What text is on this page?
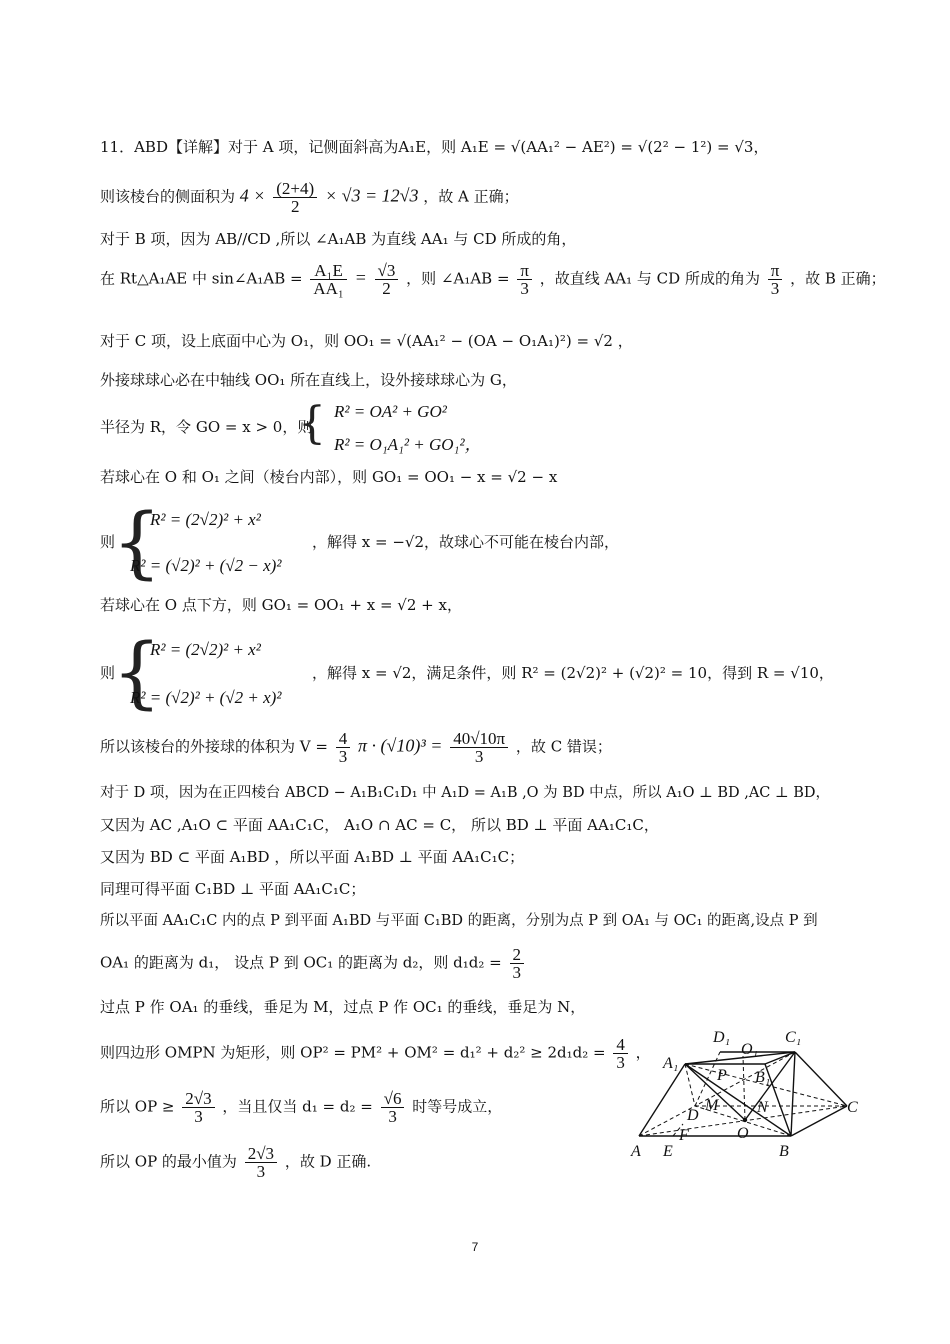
11．ABD【详解】对于 A 项，记侧面斜高为A₁E，则 A₁E = √(AA₁² − AE²) = √(2² − 1²) = √3，
则该棱台的侧面积为 $4 \times \frac{(2+4)}{2} \times √3 = 12√3$ ，故 A 正确；
对于 B 项，因为 AB//CD ,所以 ∠A₁AB 为直线 AA₁ 与 CD 所成的角，
在 Rt△A₁AE 中 sin∠A₁AB = $\frac{\text{A₁E}}{\text{AA₁}} = \frac{√3}{2}$ ，则 ∠A₁AB = $\frac{\pi}{3}$ ，故直线 AA₁ 与 CD 所成的角为 $\frac{\pi}{3}$ ，故 B 正确；
对于 C 项，设上底面中心为 O₁，则 OO₁ = √(AA₁² − (OA − O₁A₁)²) = √2 ，
外接球球心必在中轴线 OO₁ 所在直线上，设外接球球心为 G，
半径为 R，令 GO = x > 0，则
{ R² = OA² + GO²
R² = O₁A₁² + GO₁²，
若球心在 O 和 O₁ 之间（棱台内部），则 GO₁ = OO₁ − x = √2 − x
则
{
R² = (2√2)² + x²
R² = (√2)² + (√2 − x)²
，解得 x = −√2，故球心不可能在棱台内部，
若球心在 O 点下方，则 GO₁ = OO₁ + x = √2 + x，
则
{
R² = (2√2)² + x²
R² = (√2)² + (√2 + x)²
，解得 x = √2，满足条件，则 R² = (2√2)² + (√2)² = 10，得到 R = √10，
所以该棱台的外接球的体积为 $V = \frac{4}{3}$ $\pi \cdot (√10)^3 = \frac{40√10\pi}{3}$ ，故 C 错误；
对于 D 项，因为在正四棱台 ABCD − A₁B₁C₁D₁ 中 A₁D = A₁B ,O 为 BD 中点，所以 A₁O ⊥ BD ,AC ⊥ BD，
又因为 AC ,A₁O ⊂ 平面 AA₁C₁C， A₁O ∩ AC = C， 所以 BD ⊥ 平面 AA₁C₁C，
又因为 BD ⊂ 平面 A₁BD ，所以平面 A₁BD ⊥ 平面 AA₁C₁C；
同理可得平面 C₁BD ⊥ 平面 AA₁C₁C；
所以平面 AA₁C₁C 内的点 P 到平面 A₁BD 与平面 C₁BD 的距离，分别为点 P 到 OA₁ 与 OC₁ 的距离,设点 P 到
OA₁ 的距离为 d₁， 设点 P 到 OC₁ 的距离为 d₂，则 $d_1d_2 = \frac{2}{3}$
过点 P 作 OA₁ 的垂线，垂足为 M，过点 P 作 OC₁ 的垂线，垂足为 N，
则四边形 OMPN 为矩形，则 $OP^2 = PM^2 + OM^2 = d_1^2 + d_2^2 \ge 2d_1d_2 = \frac{4}{3}$ ，
所以 OP ≥ $\frac{2√3}{3}$ ，当且仅当 $d_1 = d_2 = \frac{√6}{3}$ 时等号成立，
所以 OP 的最小值为 $\frac{2√3}{3}$ ，故 D 正确.
D₁
O₁
C₁
A₁
P B₁
D
M N	C
F	O
A E	B
7
